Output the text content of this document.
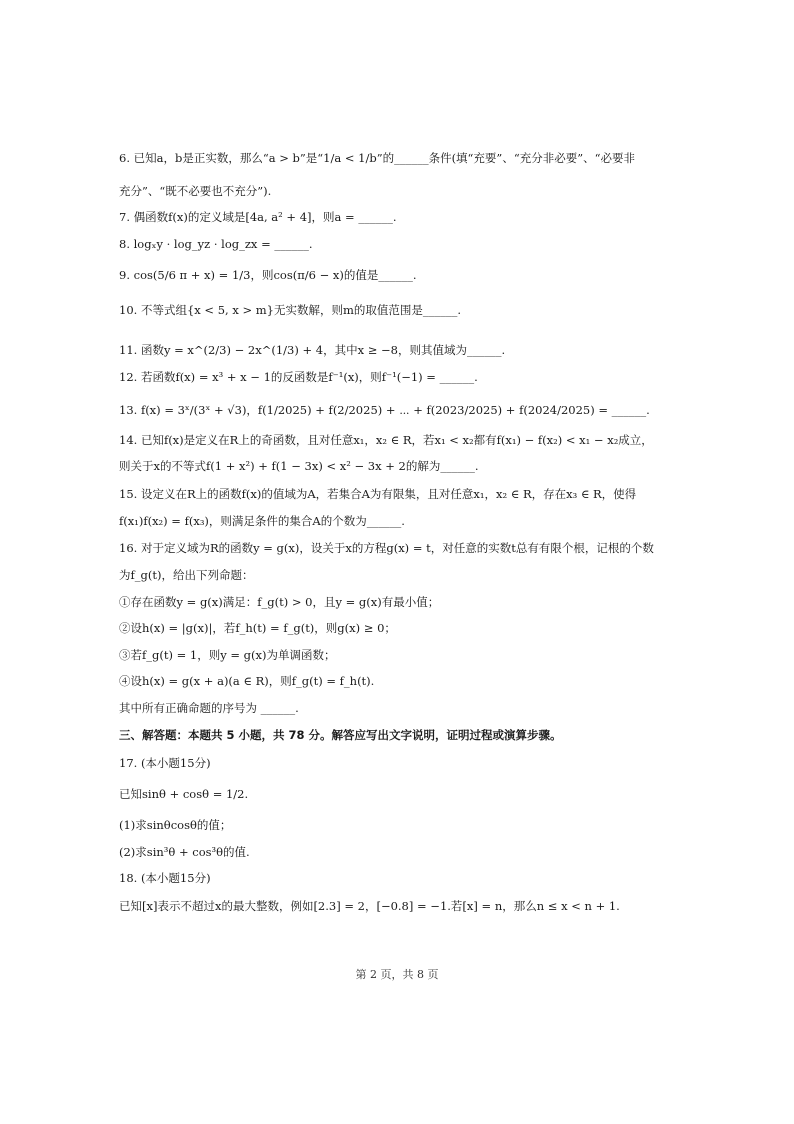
6. 已知a，b是正实数，那么“a > b”是“1/a < 1/b”的______条件(填“充要”、“充分非必要”、“必要非
充分”、“既不必要也不充分”).
7. 偶函数f(x)的定义域是[4a, a² + 4]，则a = ______.
8. logₓy · log_yz · log_zx = ______.
9. cos(5/6 π + x) = 1/3，则cos(π/6 − x)的值是______.
10. 不等式组{x < 5, x > m}无实数解，则m的取值范围是______.
11. 函数y = x^(2/3) − 2x^(1/3) + 4，其中x ≥ −8，则其值域为______.
12. 若函数f(x) = x³ + x − 1的反函数是f⁻¹(x)，则f⁻¹(−1) = ______.
13. f(x) = 3ˣ/(3ˣ + √3)，f(1/2025) + f(2/2025) + ⋯ + f(2023/2025) + f(2024/2025) = ______.
14. 已知f(x)是定义在R上的奇函数，且对任意x₁，x₂ ∈ R，若x₁ < x₂都有f(x₁) − f(x₂) < x₁ − x₂成立，
则关于x的不等式f(1 + x²) + f(1 − 3x) < x² − 3x + 2的解为______.
15. 设定义在R上的函数f(x)的值域为A，若集合A为有限集，且对任意x₁，x₂ ∈ R，存在x₃ ∈ R，使得
f(x₁)f(x₂) = f(x₃)，则满足条件的集合A的个数为______.
16. 对于定义域为R的函数y = g(x)，设关于x的方程g(x) = t，对任意的实数t总有有限个根，记根的个数
为f_g(t)，给出下列命题：
①存在函数y = g(x)满足：f_g(t) > 0，且y = g(x)有最小值；
②设h(x) = |g(x)|，若f_h(t) = f_g(t)，则g(x) ≥ 0；
③若f_g(t) = 1，则y = g(x)为单调函数；
④设h(x) = g(x + a)(a ∈ R)，则f_g(t) = f_h(t).
其中所有正确命题的序号为 ______.
三、解答题：本题共 5 小题，共 78 分。解答应写出文字说明，证明过程或演算步骤。
17. (本小题15分)
已知sinθ + cosθ = 1/2.
(1)求sinθcosθ的值；
(2)求sin³θ + cos³θ的值.
18. (本小题15分)
已知[x]表示不超过x的最大整数，例如[2.3] = 2，[−0.8] = −1.若[x] = n，那么n ≤ x < n + 1.
第 2 页，共 8 页
